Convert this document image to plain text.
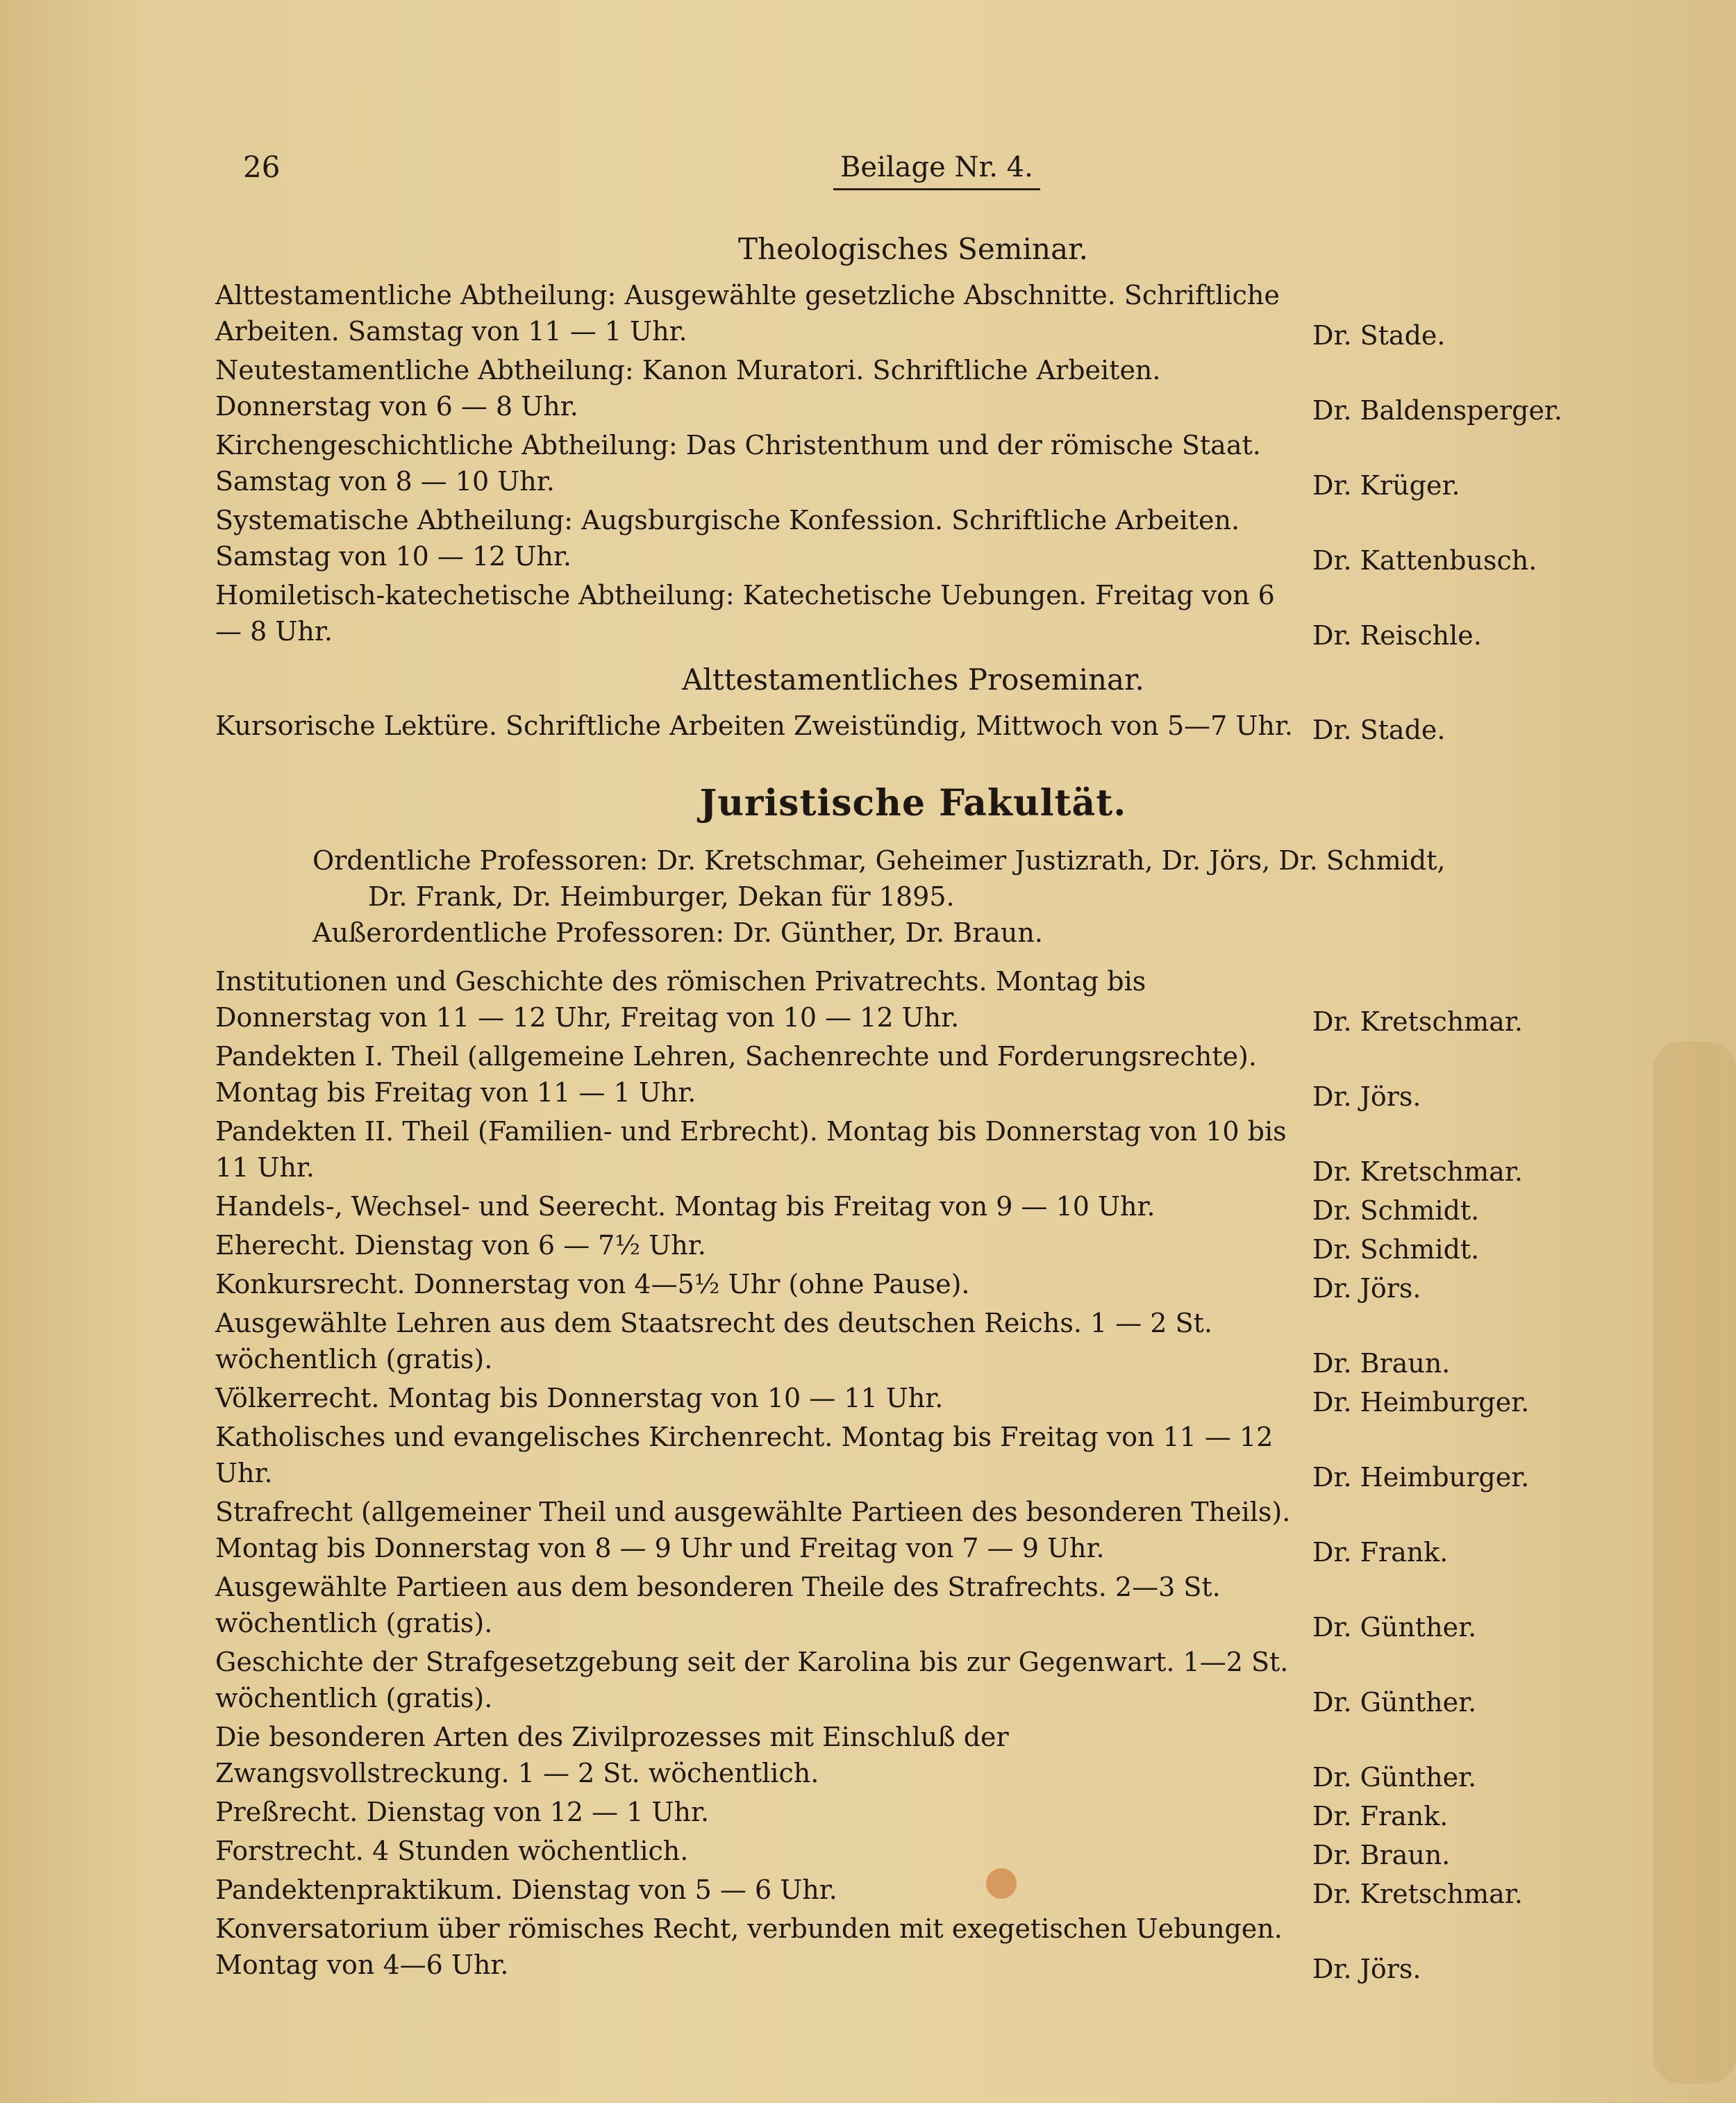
26	Beilage Nr. 4.
Theologisches Seminar.
Alttestamentliche Abtheilung: Ausgewählte gesetzliche Abschnitte. Schriftliche Arbeiten. Samstag von 11 — 1 Uhr.	Dr. Stade.
Neutestamentliche Abtheilung: Kanon Muratori. Schriftliche Arbeiten. Donnerstag von 6 — 8 Uhr.	Dr. Baldensperger.
Kirchengeschichtliche Abtheilung: Das Christenthum und der römische Staat. Samstag von 8 — 10 Uhr.	Dr. Krüger.
Systematische Abtheilung: Augsburgische Konfession. Schriftliche Arbeiten. Samstag von 10 — 12 Uhr.	Dr. Kattenbusch.
Homiletisch-katechetische Abtheilung: Katechetische Uebungen. Freitag von 6 — 8 Uhr.	Dr. Reischle.
Alttestamentliches Proseminar.
Kursorische Lektüre. Schriftliche Arbeiten Zweistündig, Mittwoch von 5—7 Uhr. Dr. Stade.
Juristische Fakultät.
Ordentliche Professoren: Dr. Kretschmar, Geheimer Justizrath, Dr. Jörs, Dr. Schmidt,
Dr. Frank, Dr. Heimburger, Dekan für 1895.
Außerordentliche Professoren: Dr. Günther, Dr. Braun.
Institutionen und Geschichte des römischen Privatrechts. Montag bis Donnerstag von 11 — 12 Uhr, Freitag von 10 — 12 Uhr.	Dr. Kretschmar.
Pandekten I. Theil (allgemeine Lehren, Sachenrechte und Forderungsrechte). Montag bis Freitag von 11 — 1 Uhr.	Dr. Jörs.
Pandekten II. Theil (Familien- und Erbrecht). Montag bis Donnerstag von 10 bis 11 Uhr.	Dr. Kretschmar.
Handels-, Wechsel- und Seerecht. Montag bis Freitag von 9 — 10 Uhr.	Dr. Schmidt.
Eherecht. Dienstag von 6 — 7½ Uhr.	Dr. Schmidt.
Konkursrecht. Donnerstag von 4—5½ Uhr (ohne Pause).	Dr. Jörs.
Ausgewählte Lehren aus dem Staatsrecht des deutschen Reichs. 1 — 2 St. wöchentlich (gratis).	Dr. Braun.
Völkerrecht. Montag bis Donnerstag von 10 — 11 Uhr.	Dr. Heimburger.
Katholisches und evangelisches Kirchenrecht. Montag bis Freitag von 11 — 12 Uhr.	Dr. Heimburger.
Strafrecht (allgemeiner Theil und ausgewählte Partieen des besonderen Theils). Montag bis Donnerstag von 8 — 9 Uhr und Freitag von 7 — 9 Uhr.	Dr. Frank.
Ausgewählte Partieen aus dem besonderen Theile des Strafrechts. 2—3 St. wöchentlich (gratis).	Dr. Günther.
Geschichte der Strafgesetzgebung seit der Karolina bis zur Gegenwart. 1—2 St. wöchentlich (gratis).	Dr. Günther.
Die besonderen Arten des Zivilprozesses mit Einschluß der Zwangsvollstreckung. 1 — 2 St. wöchentlich.	Dr. Günther.
Preßrecht. Dienstag von 12 — 1 Uhr.	Dr. Frank.
Forstrecht. 4 Stunden wöchentlich.	Dr. Braun.
Pandektenpraktikum. Dienstag von 5 — 6 Uhr.	Dr. Kretschmar.
Konversatorium über römisches Recht, verbunden mit exegetischen Uebungen. Montag von 4—6 Uhr.	Dr. Jörs.
